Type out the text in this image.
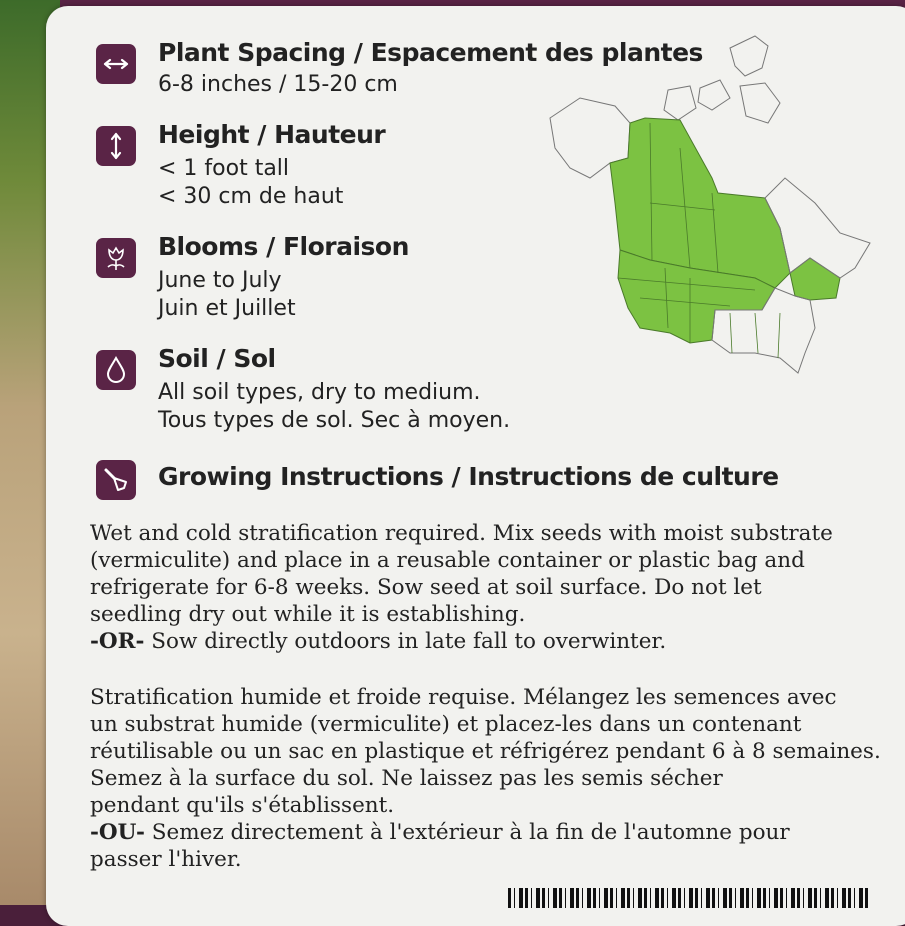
Plant Spacing / Espacement des plantes
6-8 inches / 15-20 cm
Height / Hauteur
< 1 foot tall
< 30 cm de haut
Blooms / Floraison
June to July
Juin et Juillet
Soil / Sol
All soil types, dry to medium.
Tous types de sol. Sec à moyen.
Growing Instructions / Instructions de culture

Wet and cold stratification required. Mix seeds with moist substrate

(vermiculite) and place in a reusable container or plastic bag and

refrigerate for 6-8 weeks. Sow seed at soil surface. Do not let

seedling dry out while it is establishing.

-OR- Sow directly outdoors in late fall to overwinter.

Stratification humide et froide requise. Mélangez les semences avec

un substrat humide (vermiculite) et placez-les dans un contenant

réutilisable ou un sac en plastique et réfrigérez pendant 6 à 8 semaines.

Semez à la surface du sol. Ne laissez pas les semis sécher

pendant qu'ils s'établissent.

-OU- Semez directement à l'extérieur à la fin de l'automne pour

passer l'hiver.
